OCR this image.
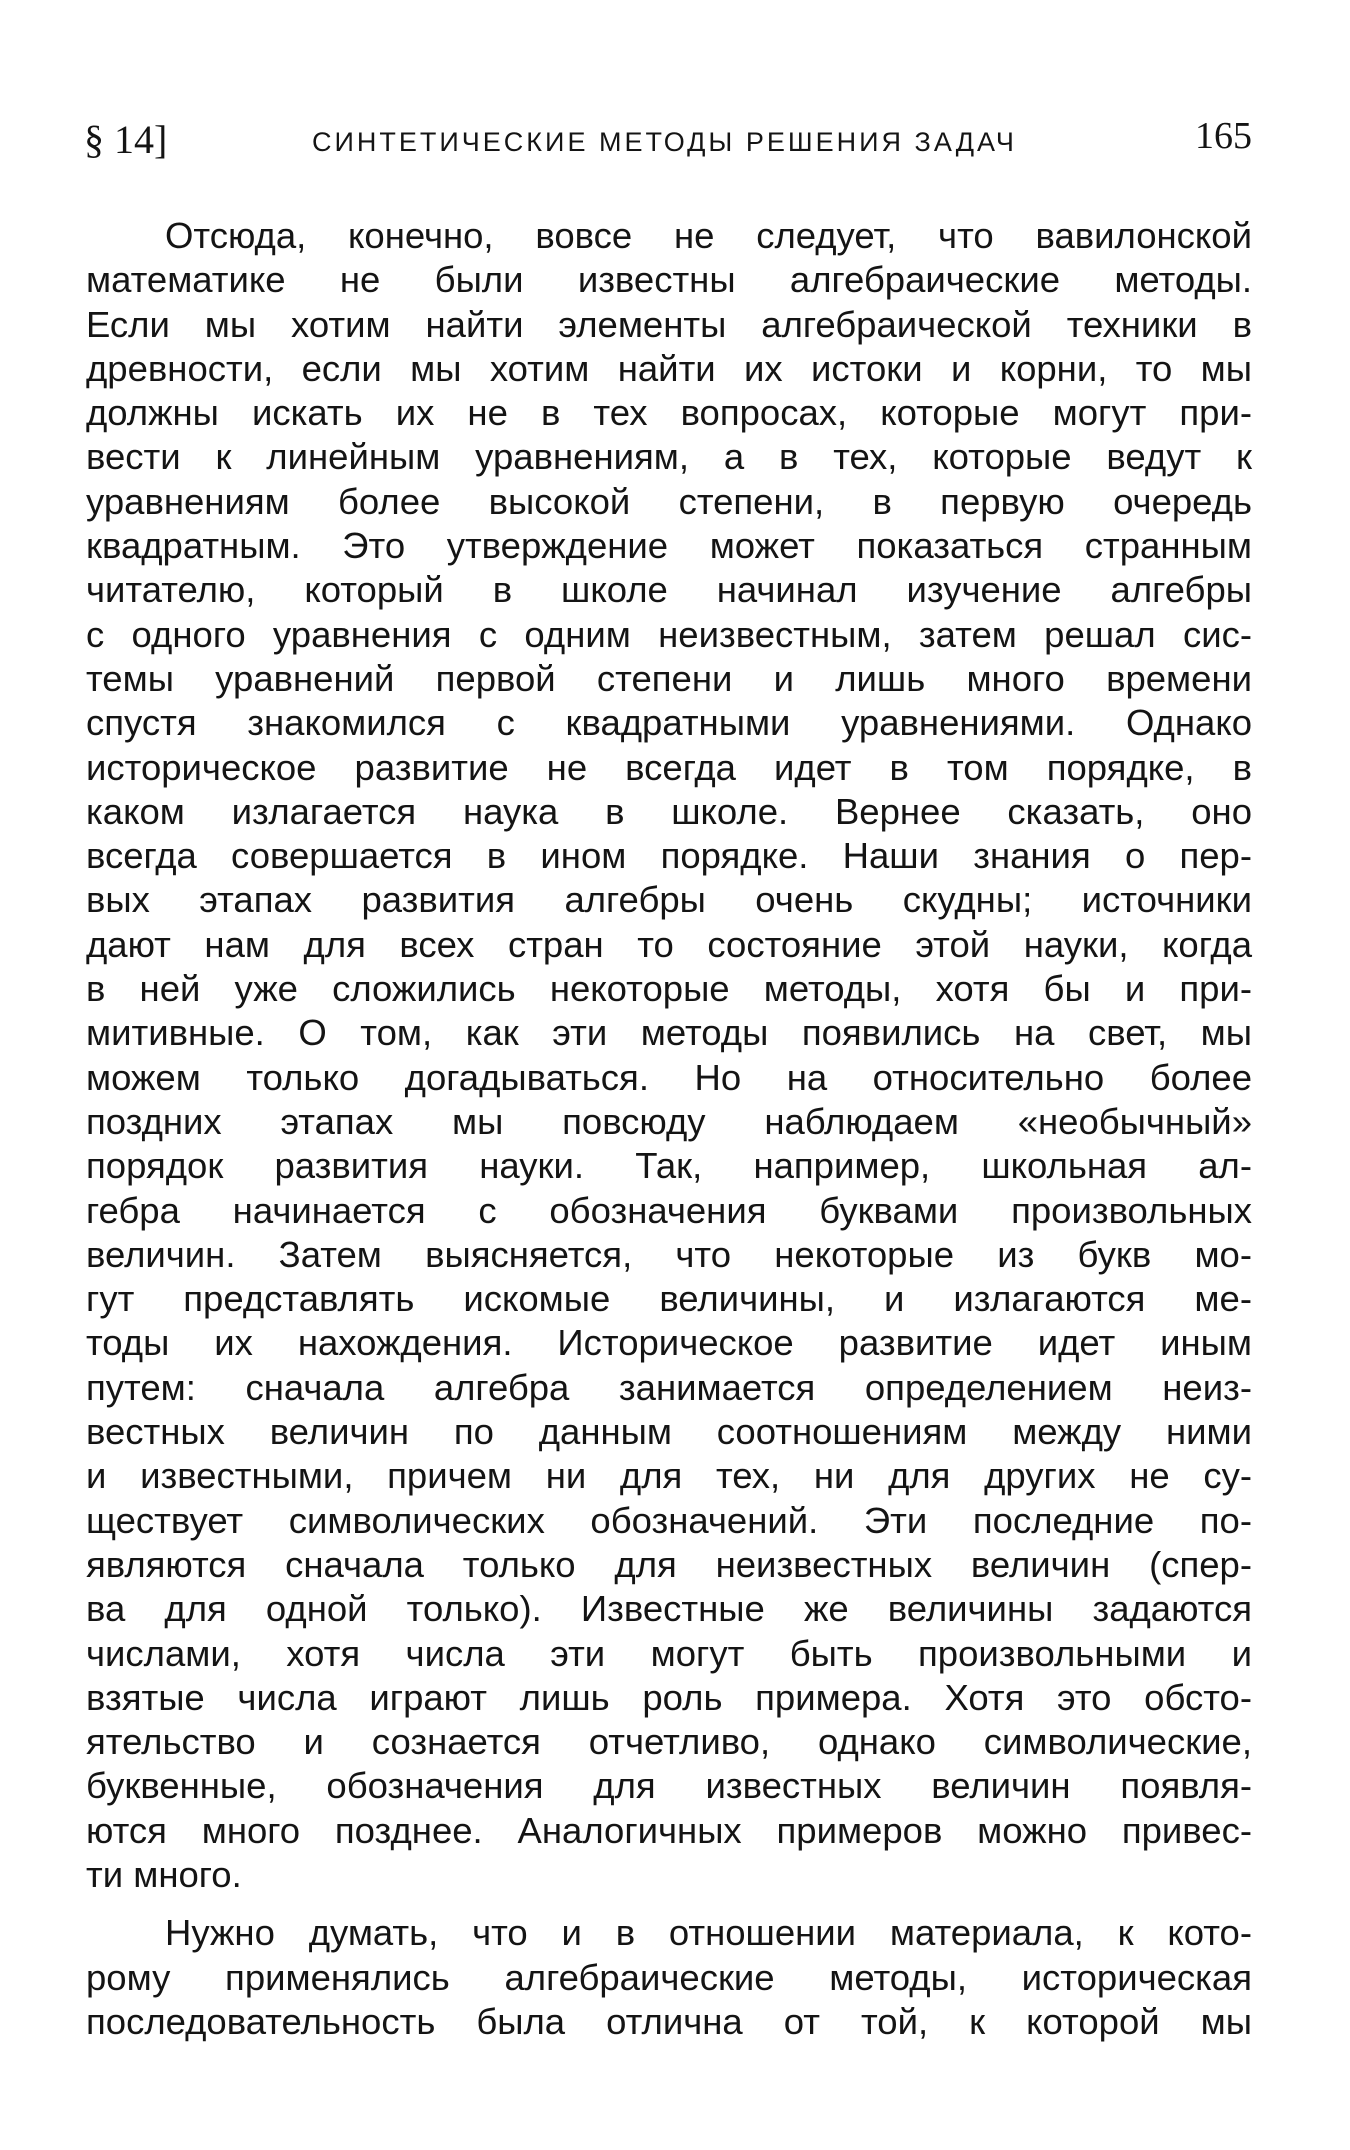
§ 14]	СИНТЕТИЧЕСКИЕ МЕТОДЫ РЕШЕНИЯ ЗАДАЧ	165
Отсюда, конечно, вовсе не следует, что вавилонской
математике не были известны алгебраические методы.
Если мы хотим найти элементы алгебраической техники в
древности, если мы хотим найти их истоки и корни, то мы
должны искать их не в тех вопросах, которые могут при-
вести к линейным уравнениям, а в тех, которые ведут к
уравнениям более высокой степени, в первую очередь
квадратным. Это утверждение может показаться странным
читателю, который в школе начинал изучение алгебры
с одного уравнения с одним неизвестным, затем решал сис-
темы уравнений первой степени и лишь много времени
спустя знакомился с квадратными уравнениями. Однако
историческое развитие не всегда идет в том порядке, в
каком излагается наука в школе. Вернее сказать, оно
всегда совершается в ином порядке. Наши знания о пер-
вых этапах развития алгебры очень скудны; источники
дают нам для всех стран то состояние этой науки, когда
в ней уже сложились некоторые методы, хотя бы и при-
митивные. О том, как эти методы появились на свет, мы
можем только догадываться. Но на относительно более
поздних этапах мы повсюду наблюдаем «необычный»
порядок развития науки. Так, например, школьная ал-
гебра начинается с обозначения буквами произвольных
величин. Затем выясняется, что некоторые из букв мо-
гут представлять искомые величины, и излагаются ме-
тоды их нахождения. Историческое развитие идет иным
путем: сначала алгебра занимается определением неиз-
вестных величин по данным соотношениям между ними
и известными, причем ни для тех, ни для других не су-
ществует символических обозначений. Эти последние по-
являются сначала только для неизвестных величин (спер-
ва для одной только). Известные же величины задаются
числами, хотя числа эти могут быть произвольными и
взятые числа играют лишь роль примера. Хотя это обсто-
ятельство и сознается отчетливо, однако символические,
буквенные, обозначения для известных величин появля-
ются много позднее. Аналогичных примеров можно привес-
ти много.
Нужно думать, что и в отношении материала, к кото-
рому применялись алгебраические методы, историческая
последовательность была отлична от той, к которой мы
